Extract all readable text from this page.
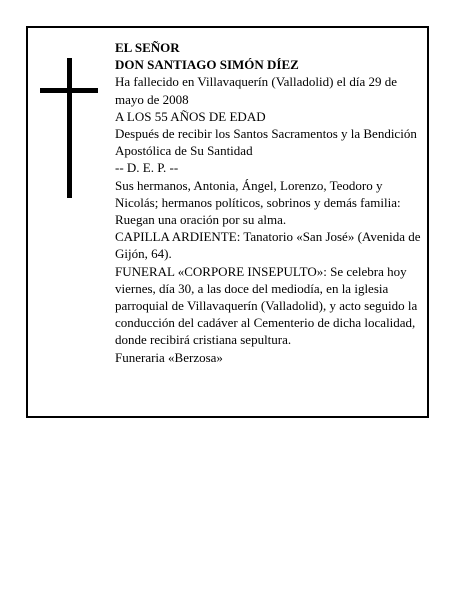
EL SEÑOR

DON SANTIAGO SIMÓN DÍEZ

Ha fallecido en Villavaquerín (Valladolid) el día 29 de mayo de 2008

A LOS 55 AÑOS DE EDAD

Después de recibir los Santos Sacramentos y la Bendición Apostólica de Su Santidad

-- D. E. P. --

Sus hermanos, Antonia, Ángel, Lorenzo, Teodoro y Nicolás; hermanos políticos, sobrinos y demás familia: Ruegan una oración por su alma.

CAPILLA ARDIENTE: Tanatorio «San José» (Avenida de Gijón, 64).

FUNERAL «CORPORE INSEPULTO»: Se celebra hoy viernes, día 30, a las doce del mediodía, en la iglesia parroquial de Villavaquerín (Valladolid), y acto seguido la conducción del cadáver al Cementerio de dicha localidad, donde recibirá cristiana sepultura.

Funeraria «Berzosa»
